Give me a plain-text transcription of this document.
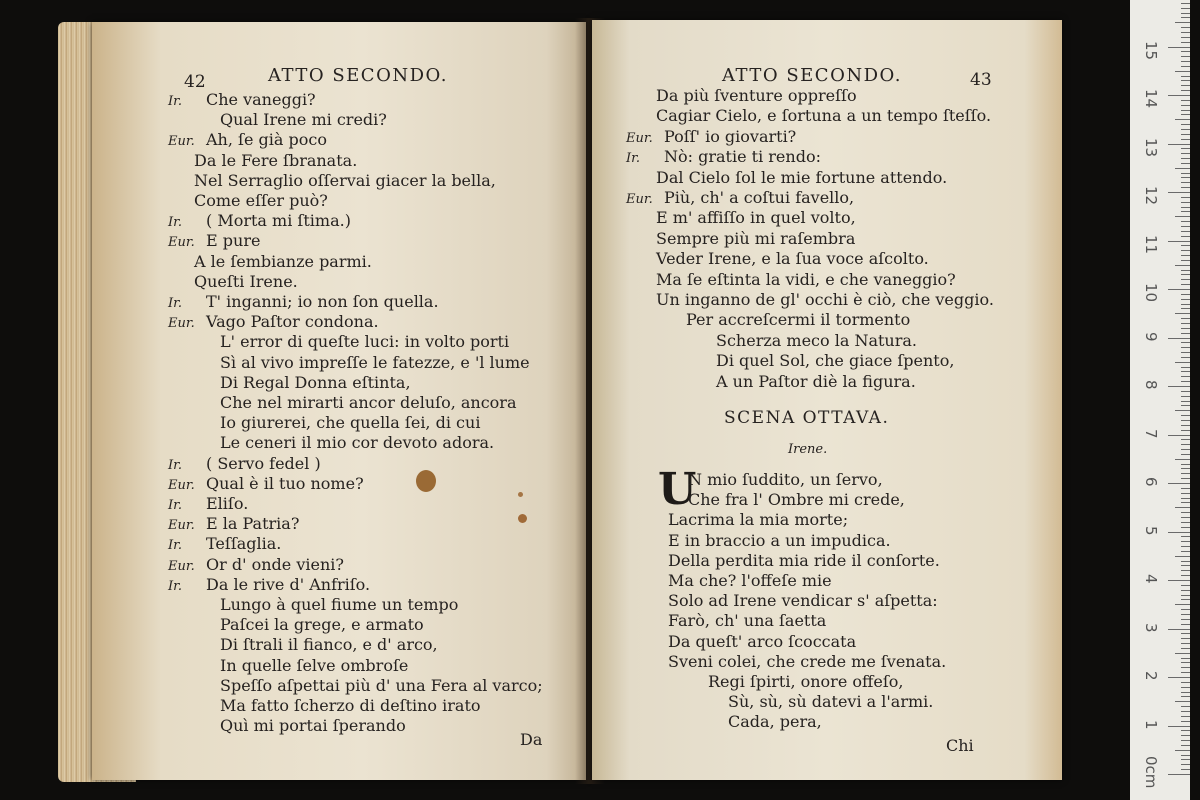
42	ATTO SECONDO.
Ir. Che vaneggi?
Qual Irene mi credi?
Eur. Ah, ſe già poco
Da le Fere ſbranata.
Nel Serraglio oſſervai giacer la bella,
Come eſſer può?
Ir. ( Morta mi ſtima.)
Eur. E pure
A le ſembianze parmi.
Queſti Irene.
Ir. T' inganni; io non ſon quella.
Eur. Vago Paſtor condona.
L' error di queſte luci: in volto porti
Sì al vivo impreſſe le fatezze, e 'l lume
Di Regal Donna eſtinta,
Che nel mirarti ancor deluſo, ancora
Io giurerei, che quella ſei, di cui
Le ceneri il mio cor devoto adora.
Ir. ( Servo fedel )
Eur. Qual è il tuo nome?
Ir. Eliſo.
Eur. E la Patria?
Ir. Teſſaglia.
Eur. Or d' onde vieni?
Ir. Da le rive d' Anfriſo.
Lungo à quel fiume un tempo
Paſcei la grege, e armato
Di ſtrali il fianco, e d' arco,
In quelle ſelve ombroſe
Speſſo aſpettai più d' una Fera al varco;
Ma fatto ſcherzo di deſtino irato
Quì mi portai ſperando
Da
ATTO SECONDO.	43
Da più ſventure oppreſſo
Cagiar Cielo, e ſortuna a un tempo ſteſſo.
Eur. Poſſ' io giovarti?
Ir. Nò: gratie ti rendo:
Dal Cielo ſol le mie fortune attendo.
Eur. Più, ch' a coſtui favello,
E m' affiſſo in quel volto,
Sempre più mi raſembra
Veder Irene, e la ſua voce aſcolto.
Ma ſe eſtinta la vidi, e che vaneggio?
Un inganno de gl' occhi è ciò, che veggio.
Per accreſcermi il tormento
Scherza meco la Natura.
Di quel Sol, che giace ſpento,
A un Paſtor diè la figura.
SCENA OTTAVA.
Irene.
U
N mio ſuddito, un ſervo,
Che fra l' Ombre mi crede,
Lacrima la mia morte;
E in braccio a un impudica.
Della perdita mia ride il conſorte.
Ma che? l'offeſe mie
Solo ad Irene vendicar s' aſpetta:
Farò, ch' una ſaetta
Da queſt' arco ſcoccata
Sveni colei, che crede me ſvenata.
Regi ſpirti, onore offeſo,
Sù, sù, sù datevi a l'armi.
Cada, pera,
Chi
0cm
1
2
3
4
5
6
7
8
9
10
11
12
13
14
15
